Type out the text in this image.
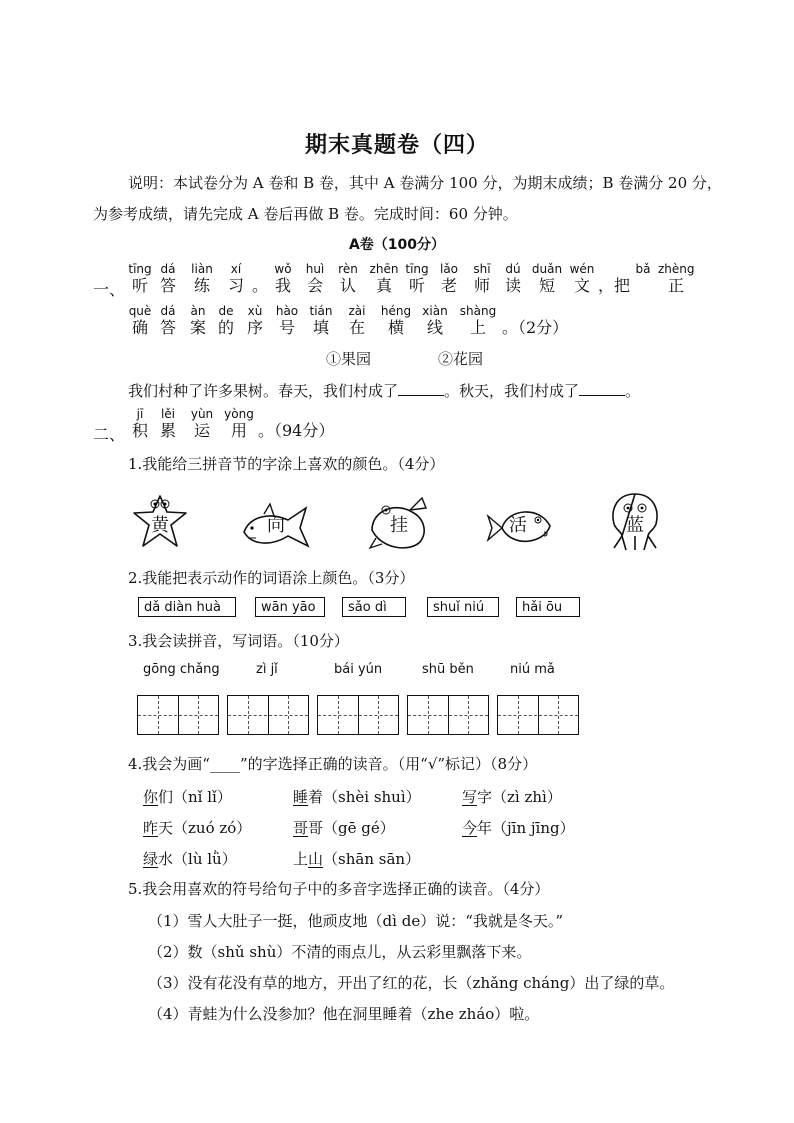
期末真题卷（四）
说明：本试卷分为 A 卷和 B 卷，其中 A 卷满分 100 分，为期末成绩；B 卷满分 20 分，
为参考成绩，请先完成 A 卷后再做 B 卷。完成时间：60 分钟。
A卷（100分）
一、
tīng
听
dá
答
liàn
练
xí
习
。
wǒ
我
huì
会
rèn
认
zhēn
真
tīng
听
lǎo
老
shī
师
dú
读
duǎn
短
wén
文
，把
bǎ
zhèng
正
què
确
dá
答
àn
案
de
的
xù
序
hào
号
tián
填
zài
在
héng
横
xiàn
线
shàng
上
	。（2分）
①果园	②花园
我们村种了许多果树。春天，我们村成了	。秋天，我们村成了	。
二、
jī
积
lěi
累
yùn
运
yòng
用
。（94分）
1.我能给三拼音节的字涂上喜欢的颜色。（4分）
黄	向	挂	活	蓝
2.我能把表示动作的词语涂上颜色。（3分）
dǎ diàn huà	wān yāo	sǎo dì	shuǐ niú	hǎi ōu
3.我会读拼音，写词语。（10分）
gōng chǎng	zì jǐ	bái yún	shū běn	niú mǎ
4.我会为画“____”的字选择正确的读音。（用“√”标记）（8分）
你们（nǐ lǐ）	睡着（shèi shuì）	写字（zì zhì）
昨天（zuó zó）	哥哥（gē gé）	今年（jīn jīng）
绿水（lù lǜ）	上山（shān sān）
5.我会用喜欢的符号给句子中的多音字选择正确的读音。（4分）
（1）雪人大肚子一挺，他顽皮地（dì de）说：“我就是冬天。”
（2）数（shǔ shù）不清的雨点儿，从云彩里飘落下来。
（3）没有花没有草的地方，开出了红的花，长（zhǎng cháng）出了绿的草。
（4）青蛙为什么没参加？他在洞里睡着（zhe zháo）啦。
